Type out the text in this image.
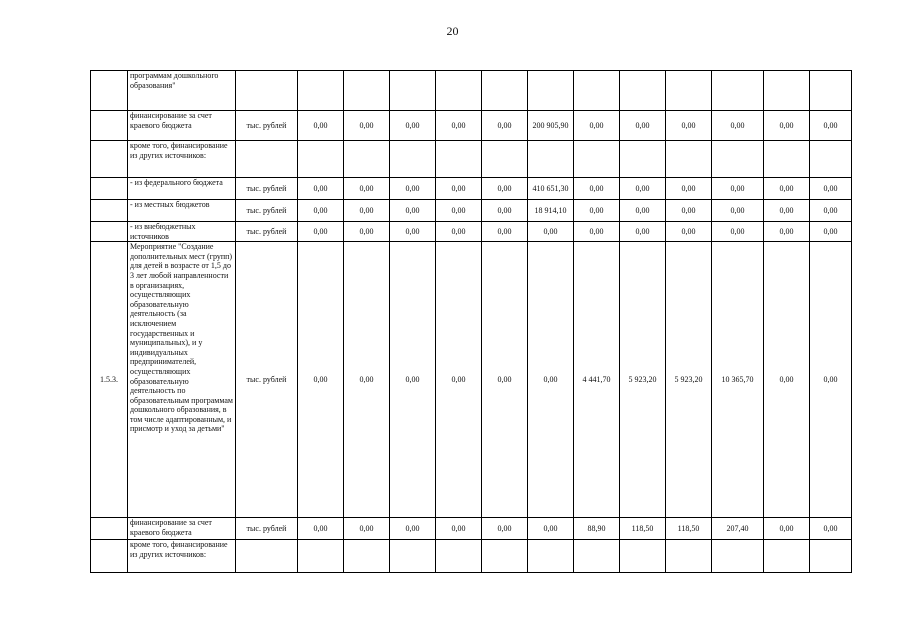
20
	программам дошкольного образования"													
	финансирование за счет краевого бюджета	тыс. рублей	0,00	0,00	0,00	0,00	0,00	200 905,90	0,00	0,00	0,00	0,00	0,00	0,00
	кроме того, финансирование из других источников:													
	- из федерального бюджета	тыс. рублей	0,00	0,00	0,00	0,00	0,00	410 651,30	0,00	0,00	0,00	0,00	0,00	0,00
	- из местных бюджетов	тыс. рублей	0,00	0,00	0,00	0,00	0,00	18 914,10	0,00	0,00	0,00	0,00	0,00	0,00
	- из внебюджетных источников	тыс. рублей	0,00	0,00	0,00	0,00	0,00	0,00	0,00	0,00	0,00	0,00	0,00	0,00
1.5.3.	Мероприятие "Создание дополнительных мест (групп) для детей в возрасте от 1,5 до 3 лет любой направленности в организациях, осуществляющих образовательную деятельность (за исключением государственных и муниципальных), и у индивидуальных предпринимателей, осуществляющих образовательную деятельность по образовательным программам дошкольного образования, в том числе адаптированным, и присмотр и уход за детьми"	тыс. рублей	0,00	0,00	0,00	0,00	0,00	0,00	4 441,70	5 923,20	5 923,20	10 365,70	0,00	0,00
	финансирование за счет краевого бюджета	тыс. рублей	0,00	0,00	0,00	0,00	0,00	0,00	88,90	118,50	118,50	207,40	0,00	0,00
	кроме того, финансирование из других источников:													
